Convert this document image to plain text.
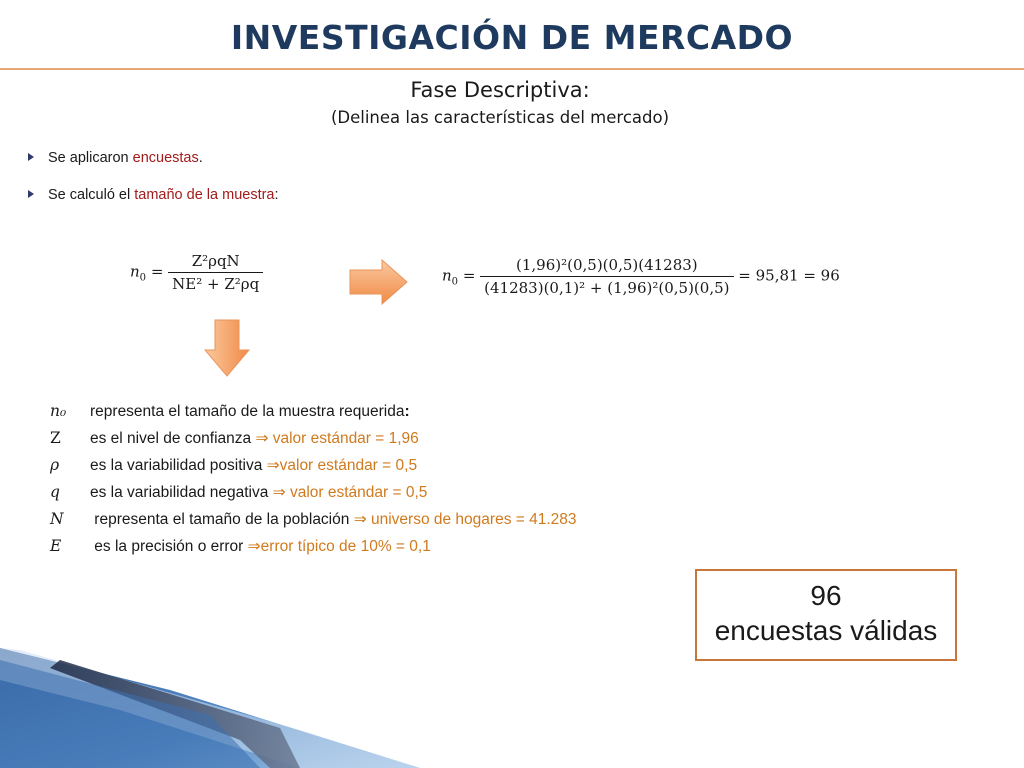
INVESTIGACIÓN DE MERCADO
Fase Descriptiva:
(Delinea las características del mercado)
Se aplicaron encuestas.
Se calculó el tamaño de la muestra:
$n_0 = \frac{\text{Z²ρqN}}{\text{NE² + Z²ρq}}$	$n_0 = \frac{\text{(1,96)²(0,5)(0,5)(41283)}}{\text{(41283)(0,1)² + (1,96)²(0,5)(0,5)}} = 95,81 = 96$
n₀ representa el tamaño de la muestra requerida:
Z es el nivel de confianza ⇒ valor estándar = 1,96
ρ es la variabilidad positiva ⇒valor estándar = 0,5
q es la variabilidad negativa ⇒ valor estándar = 0,5
N representa el tamaño de la población ⇒ universo de hogares = 41.283
E es la precisión o error ⇒error típico de 10% = 0,1
96
encuestas válidas
